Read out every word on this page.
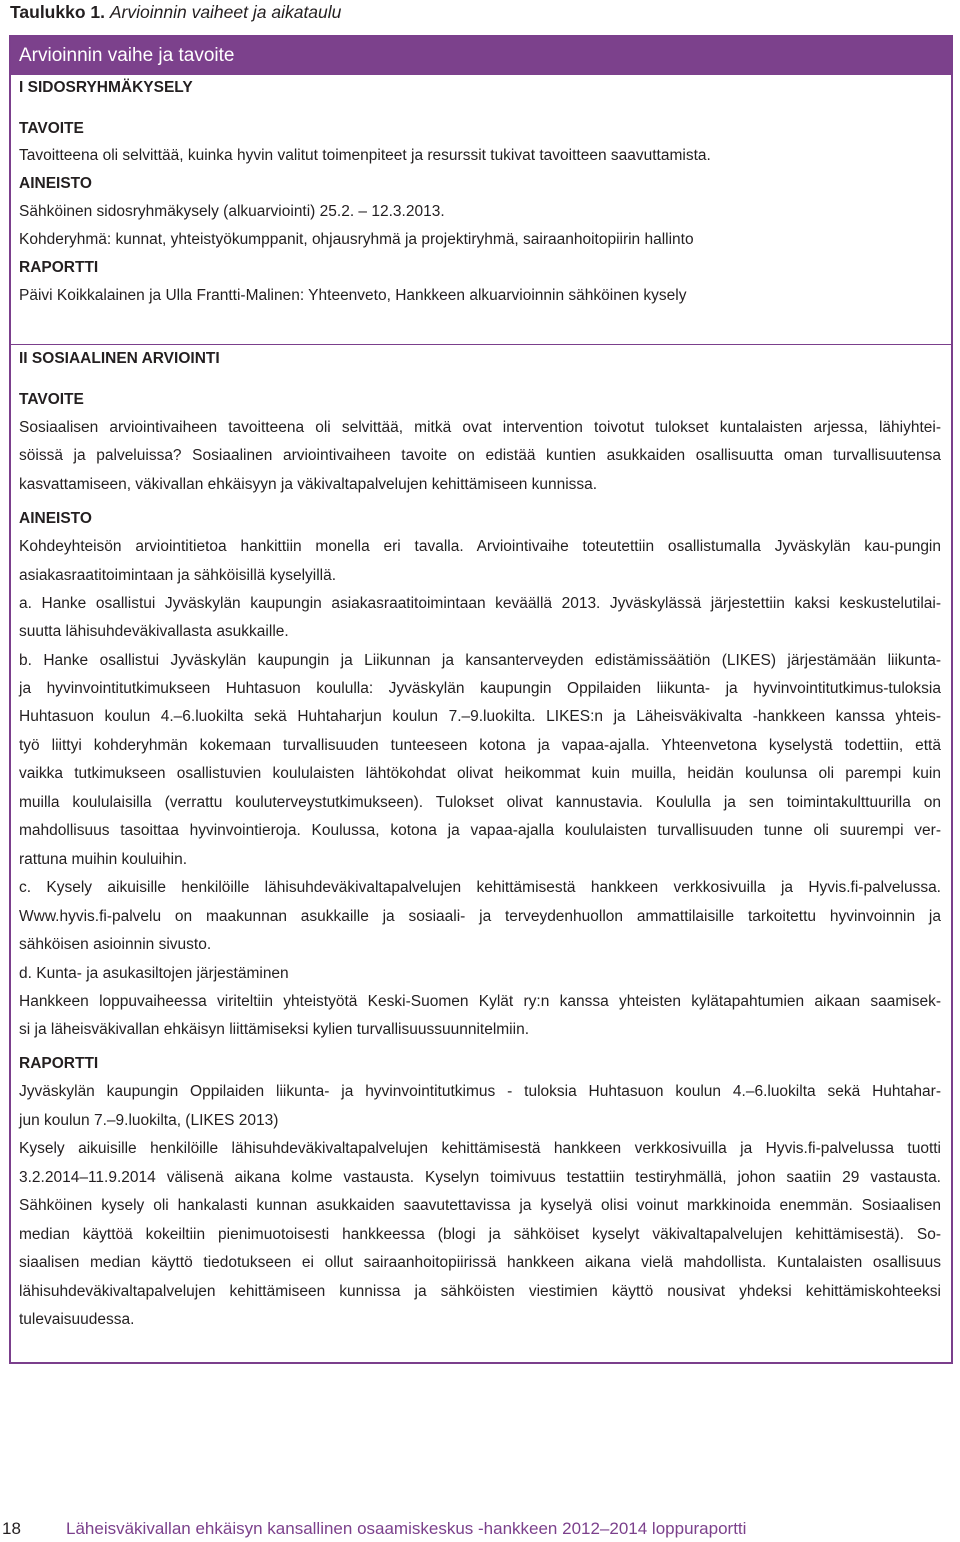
Taulukko 1. Arvioinnin vaiheet ja aikataulu
Arvioinnin vaihe ja tavoite
I SIDOSRYHMÄKYSELY
TAVOITE
Tavoitteena oli selvittää, kuinka hyvin valitut toimenpiteet ja resurssit tukivat tavoitteen saavuttamista.
AINEISTO
Sähköinen sidosryhmäkysely (alkuarviointi) 25.2. – 12.3.2013.
Kohderyhmä: kunnat, yhteistyökumppanit, ohjausryhmä ja projektiryhmä, sairaanhoitopiirin hallinto
RAPORTTI
Päivi Koikkalainen ja Ulla Frantti-Malinen: Yhteenveto, Hankkeen alkuarvioinnin sähköinen kysely
II SOSIAALINEN ARVIOINTI
TAVOITE
Sosiaalisen arviointivaiheen tavoitteena oli selvittää, mitkä ovat intervention toivotut tulokset kuntalaisten arjessa, lähiyhtei-
söissä ja palveluissa? Sosiaalinen arviointivaiheen tavoite on edistää kuntien asukkaiden osallisuutta oman turvallisuutensa
kasvattamiseen, väkivallan ehkäisyyn ja väkivaltapalvelujen kehittämiseen kunnissa.
AINEISTO
Kohdeyhteisön arviointitietoa hankittiin monella eri tavalla. Arviointivaihe toteutettiin osallistumalla Jyväskylän kau-pungin
asiakasraatitoimintaan ja sähköisillä kyselyillä.
a. Hanke osallistui Jyväskylän kaupungin asiakasraatitoimintaan keväällä 2013. Jyväskylässä järjestettiin kaksi keskustelutilai-
suutta lähisuhdeväkivallasta asukkaille.
b. Hanke osallistui Jyväskylän kaupungin ja Liikunnan ja kansanterveyden edistämissäätiön (LIKES) järjestämään liikunta-
ja hyvinvointitutkimukseen Huhtasuon koululla: Jyväskylän kaupungin Oppilaiden liikunta- ja hyvinvointitutkimus-tuloksia
Huhtasuon koulun 4.–6.luokilta sekä Huhtaharjun koulun 7.–9.luokilta. LIKES:n ja Läheisväkivalta -hankkeen kanssa yhteis-
työ liittyi kohderyhmän kokemaan turvallisuuden tunteeseen kotona ja vapaa-ajalla. Yhteenvetona kyselystä todettiin, että
vaikka tutkimukseen osallistuvien koululaisten lähtökohdat olivat heikommat kuin muilla, heidän koulunsa oli parempi kuin
muilla koululaisilla (verrattu kouluterveystutkimukseen). Tulokset olivat kannustavia. Koululla ja sen toimintakulttuurilla on
mahdollisuus tasoittaa hyvinvointieroja. Koulussa, kotona ja vapaa-ajalla koululaisten turvallisuuden tunne oli suurempi ver-
rattuna muihin kouluihin.
c. Kysely aikuisille henkilöille lähisuhdeväkivaltapalvelujen kehittämisestä hankkeen verkkosivuilla ja Hyvis.fi-palvelussa.
Www.hyvis.fi-palvelu on maakunnan asukkaille ja sosiaali- ja terveydenhuollon ammattilaisille tarkoitettu hyvinvoinnin ja
sähköisen asioinnin sivusto.
d. Kunta- ja asukasiltojen järjestäminen
Hankkeen loppuvaiheessa viriteltiin yhteistyötä Keski-Suomen Kylät ry:n kanssa yhteisten kylätapahtumien aikaan saamisek-
si ja läheisväkivallan ehkäisyn liittämiseksi kylien turvallisuussuunnitelmiin.
RAPORTTI
Jyväskylän kaupungin Oppilaiden liikunta- ja hyvinvointitutkimus - tuloksia Huhtasuon koulun 4.–6.luokilta sekä Huhtahar-
jun koulun 7.–9.luokilta, (LIKES 2013)
Kysely aikuisille henkilöille lähisuhdeväkivaltapalvelujen kehittämisestä hankkeen verkkosivuilla ja Hyvis.fi-palvelussa tuotti
3.2.2014–11.9.2014 välisenä aikana kolme vastausta. Kyselyn toimivuus testattiin testiryhmällä, johon saatiin 29 vastausta.
Sähköinen kysely oli hankalasti kunnan asukkaiden saavutettavissa ja kyselyä olisi voinut markkinoida enemmän. Sosiaalisen
median käyttöä kokeiltiin pienimuotoisesti hankkeessa (blogi ja sähköiset kyselyt väkivaltapalvelujen kehittämisestä). So-
siaalisen median käyttö tiedotukseen ei ollut sairaanhoitopiirissä hankkeen aikana vielä mahdollista. Kuntalaisten osallisuus
lähisuhdeväkivaltapalvelujen kehittämiseen kunnissa ja sähköisten viestimien käyttö nousivat yhdeksi kehittämiskohteeksi
tulevaisuudessa.
18	Läheisväkivallan ehkäisyn kansallinen osaamiskeskus -hankkeen 2012–2014 loppuraportti
